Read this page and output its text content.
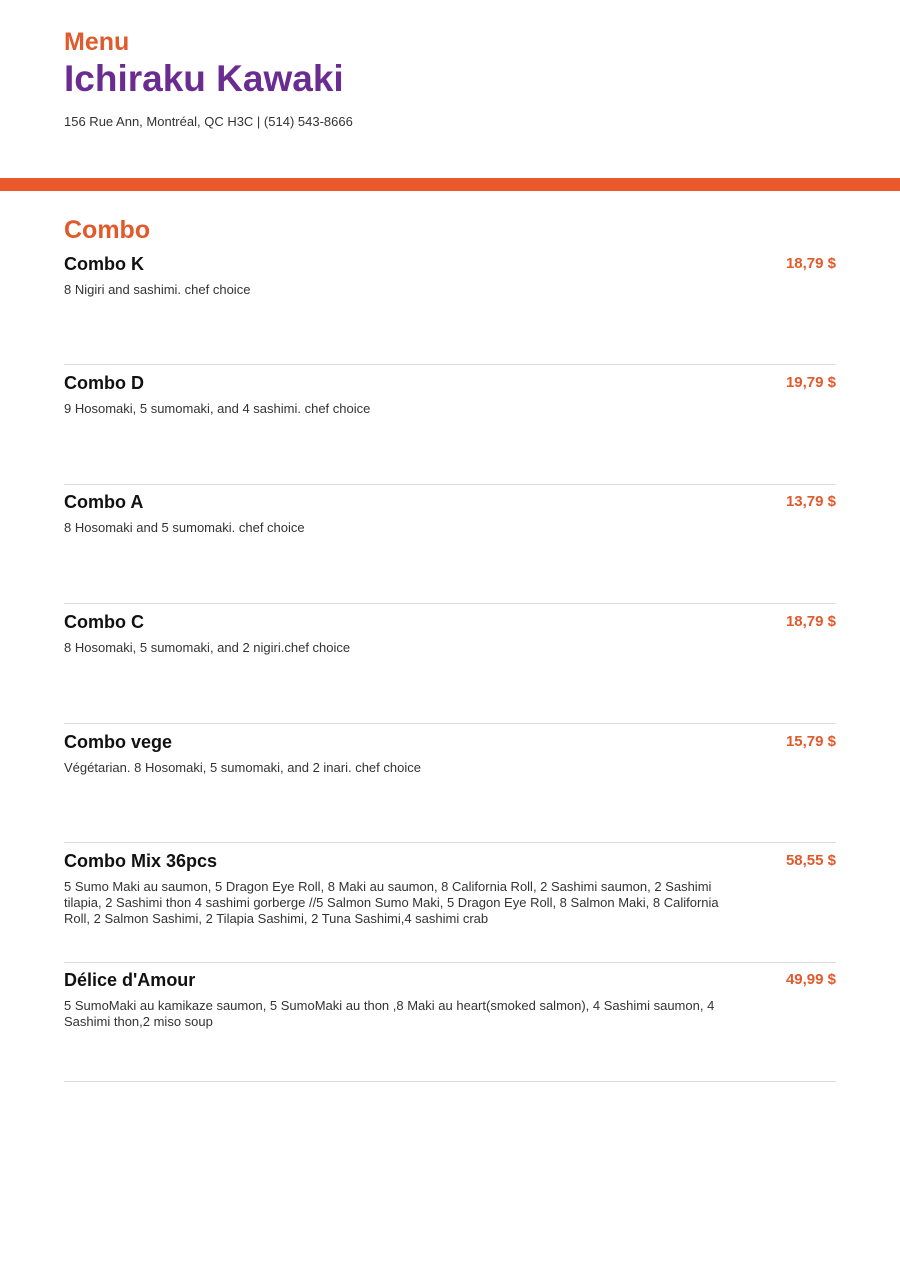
Menu
Ichiraku Kawaki
156 Rue Ann, Montréal, QC H3C | (514) 543-8666
Combo
Combo K	18,79 $
8 Nigiri and sashimi. chef choice
Combo D	19,79 $
9 Hosomaki, 5 sumomaki, and 4 sashimi. chef choice
Combo A	13,79 $
8 Hosomaki and 5 sumomaki. chef choice
Combo C	18,79 $
8 Hosomaki, 5 sumomaki, and 2 nigiri.chef choice
Combo vege	15,79 $
Végétarian. 8 Hosomaki, 5 sumomaki, and 2 inari. chef choice
Combo Mix 36pcs	58,55 $
5 Sumo Maki au saumon, 5 Dragon Eye Roll, 8 Maki au saumon, 8 California Roll, 2 Sashimi saumon, 2 Sashimi tilapia, 2 Sashimi thon 4 sashimi gorberge //5 Salmon Sumo Maki, 5 Dragon Eye Roll, 8 Salmon Maki, 8 California Roll, 2 Salmon Sashimi, 2 Tilapia Sashimi, 2 Tuna Sashimi,4 sashimi crab
Délice d'Amour	49,99 $
5 SumoMaki au kamikaze saumon, 5 SumoMaki au thon ,8 Maki au heart(smoked salmon), 4 Sashimi saumon, 4 Sashimi thon,2 miso soup
